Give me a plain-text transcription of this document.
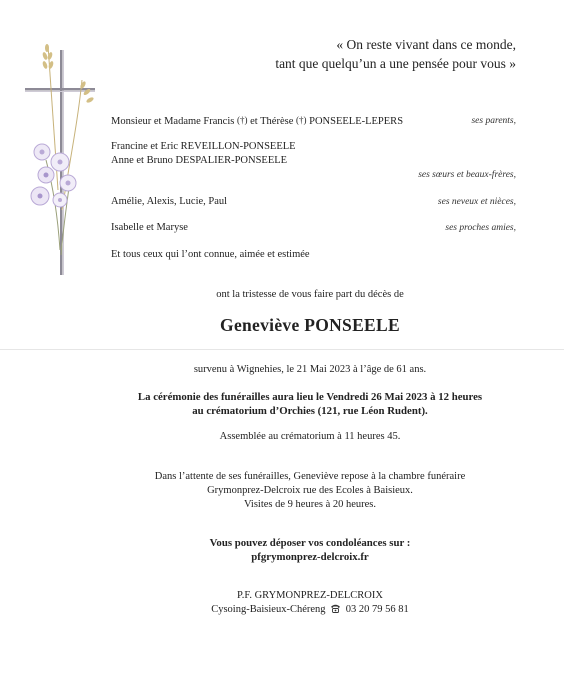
« On reste vivant dans ce monde,
tant que quelqu’un a une pensée pour vous »
Monsieur et Madame Francis (†) et Thérèse (†) PONSEELE-LEPERS	ses parents,
Francine et Eric REVEILLON-PONSEELE
Anne et Bruno DESPALIER-PONSEELE
ses sœurs et beaux-frères,
Amélie, Alexis, Lucie, Paul	ses neveux et nièces,
Isabelle et Maryse	ses proches amies,
Et tous ceux qui l’ont connue, aimée et estimée
ont la tristesse de vous faire part du décès de
Geneviève PONSEELE
survenu à Wignehies, le 21 Mai 2023 à l’âge de 61 ans.
La cérémonie des funérailles aura lieu le Vendredi 26 Mai 2023 à 12 heures
au crématorium d’Orchies (121, rue Léon Rudent).
Assemblée au crématorium à 11 heures 45.
Dans l’attente de ses funérailles, Geneviève repose à la chambre funéraire
Grymonprez-Delcroix rue des Ecoles à Baisieux.
Visites de 9 heures à 20 heures.
Vous pouvez déposer vos condoléances sur :
pfgrymonprez-delcroix.fr
P.F. GRYMONPREZ-DELCROIX
Cysoing-Baisieux-Chéreng 03 20 79 56 81
